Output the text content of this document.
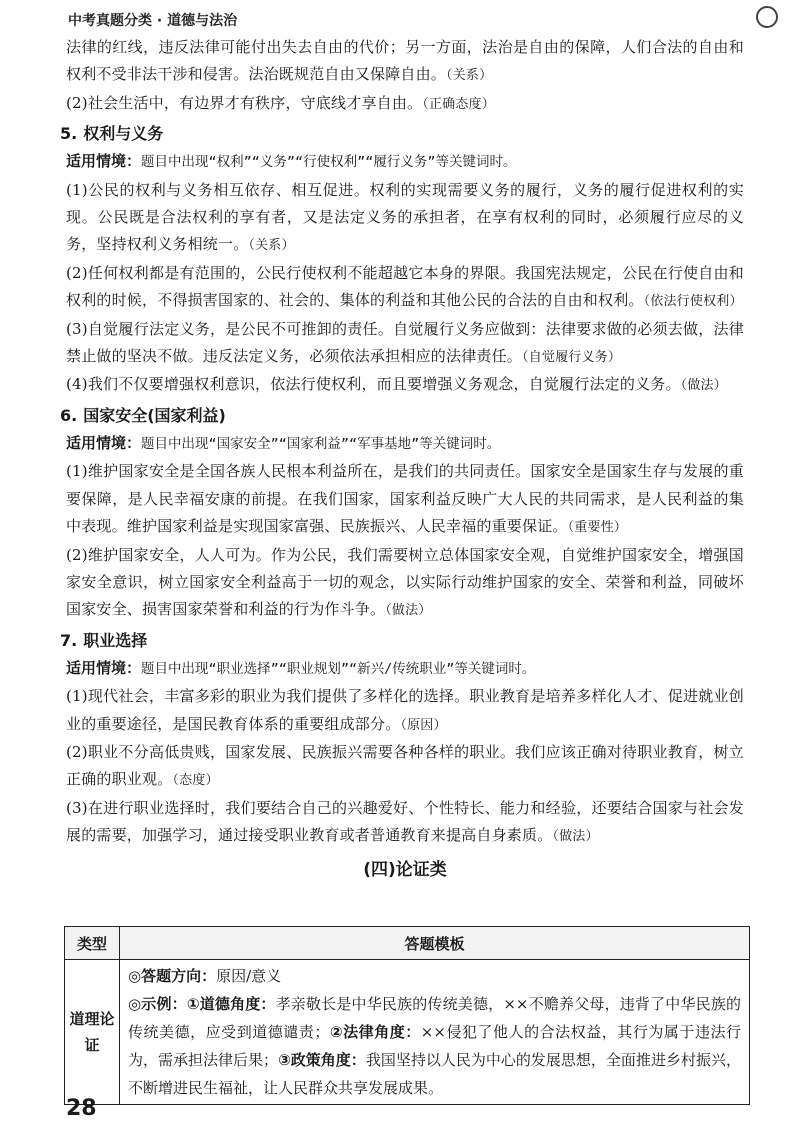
中考真题分类 · 道德与法治

法律的红线，违反法律可能付出失去自由的代价；另一方面，法治是自由的保障，人们合法的自由和权利不受非法干涉和侵害。法治既规范自由又保障自由。（关系）

(2)社会生活中，有边界才有秩序，守底线才享自由。（正确态度）

5. 权利与义务
适用情境：题目中出现“权利”“义务”“行使权利”“履行义务”等关键词时。

(1)公民的权利与义务相互依存、相互促进。权利的实现需要义务的履行，义务的履行促进权利的实现。公民既是合法权利的享有者，又是法定义务的承担者，在享有权利的同时，必须履行应尽的义务，坚持权利义务相统一。（关系）

(2)任何权利都是有范围的，公民行使权利不能超越它本身的界限。我国宪法规定，公民在行使自由和权利的时候，不得损害国家的、社会的、集体的利益和其他公民的合法的自由和权利。（依法行使权利）

(3)自觉履行法定义务，是公民不可推卸的责任。自觉履行义务应做到：法律要求做的必须去做，法律禁止做的坚决不做。违反法定义务，必须依法承担相应的法律责任。（自觉履行义务）

(4)我们不仅要增强权利意识，依法行使权利，而且要增强义务观念，自觉履行法定的义务。（做法）

6. 国家安全(国家利益)
适用情境：题目中出现“国家安全”“国家利益”“军事基地”等关键词时。

(1)维护国家安全是全国各族人民根本利益所在，是我们的共同责任。国家安全是国家生存与发展的重要保障，是人民幸福安康的前提。在我们国家，国家利益反映广大人民的共同需求，是人民利益的集中表现。维护国家利益是实现国家富强、民族振兴、人民幸福的重要保证。（重要性）

(2)维护国家安全，人人可为。作为公民，我们需要树立总体国家安全观，自觉维护国家安全，增强国家安全意识，树立国家安全利益高于一切的观念，以实际行动维护国家的安全、荣誉和利益，同破坏国家安全、损害国家荣誉和利益的行为作斗争。（做法）

7. 职业选择
适用情境：题目中出现“职业选择”“职业规划”“新兴/传统职业”等关键词时。

(1)现代社会，丰富多彩的职业为我们提供了多样化的选择。职业教育是培养多样化人才、促进就业创业的重要途径，是国民教育体系的重要组成部分。（原因）

(2)职业不分高低贵贱，国家发展、民族振兴需要各种各样的职业。我们应该正确对待职业教育，树立正确的职业观。（态度）

(3)在进行职业选择时，我们要结合自己的兴趣爱好、个性特长、能力和经验，还要结合国家与社会发展的需要，加强学习，通过接受职业教育或者普通教育来提高自身素质。（做法）

(四)论证类
类型	答题模板
道理论证	◎答题方向：原因/意义
◎示例：①道德角度：孝亲敬长是中华民族的传统美德，××不赡养父母，违背了中华民族的传统美德，应受到道德谴责；②法律角度：××侵犯了他人的合法权益，其行为属于违法行为，需承担法律后果；③政策角度：我国坚持以人民为中心的发展思想，全面推进乡村振兴，不断增进民生福祉，让人民群众共享发展成果。
28
